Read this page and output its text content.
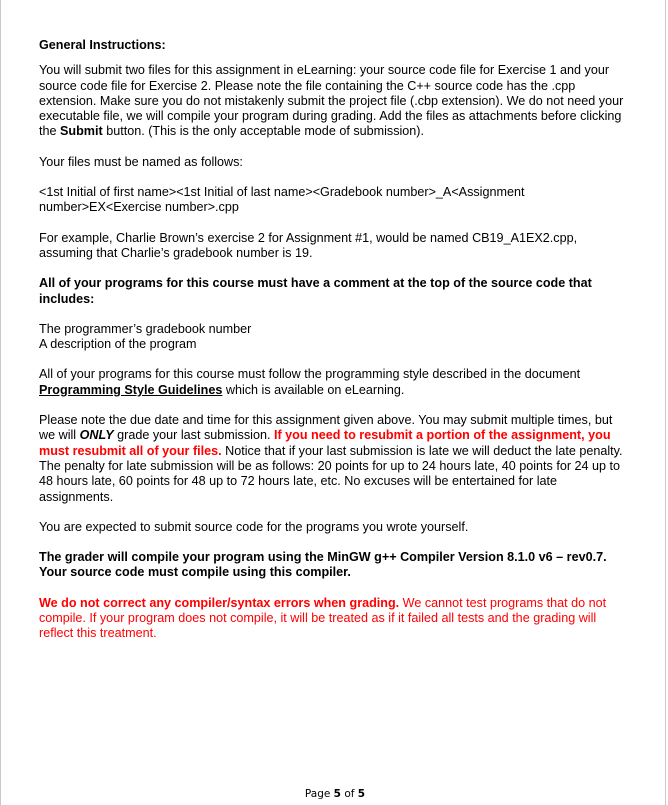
General Instructions:

You will submit two files for this assignment in eLearning: your source code file for Exercise 1 and your source code file for Exercise 2. Please note the file containing the C++ source code has the .cpp extension. Make sure you do not mistakenly submit the project file (.cbp extension). We do not need your executable file, we will compile your program during grading. Add the files as attachments before clicking the Submit button. (This is the only acceptable mode of submission).

Your files must be named as follows:

<1st Initial of first name><1st Initial of last name><Gradebook number>_A<Assignment number>EX<Exercise number>.cpp

For example, Charlie Brown’s exercise 2 for Assignment #1, would be named CB19_A1EX2.cpp, assuming that Charlie’s gradebook number is 19.

All of your programs for this course must have a comment at the top of the source code that includes:

The programmer’s gradebook number
A description of the program

All of your programs for this course must follow the programming style described in the document Programming Style Guidelines which is available on eLearning.

Please note the due date and time for this assignment given above. You may submit multiple times, but we will ONLY grade your last submission. If you need to resubmit a portion of the assignment, you must resubmit all of your files. Notice that if your last submission is late we will deduct the late penalty. The penalty for late submission will be as follows: 20 points for up to 24 hours late, 40 points for 24 up to 48 hours late, 60 points for 48 up to 72 hours late, etc. No excuses will be entertained for late assignments.

You are expected to submit source code for the programs you wrote yourself.

The grader will compile your program using the MinGW g++ Compiler Version 8.1.0 v6 – rev0.7. Your source code must compile using this compiler.

We do not correct any compiler/syntax errors when grading. We cannot test programs that do not compile. If your program does not compile, it will be treated as if it failed all tests and the grading will reflect this treatment.

Page 5 of 5
